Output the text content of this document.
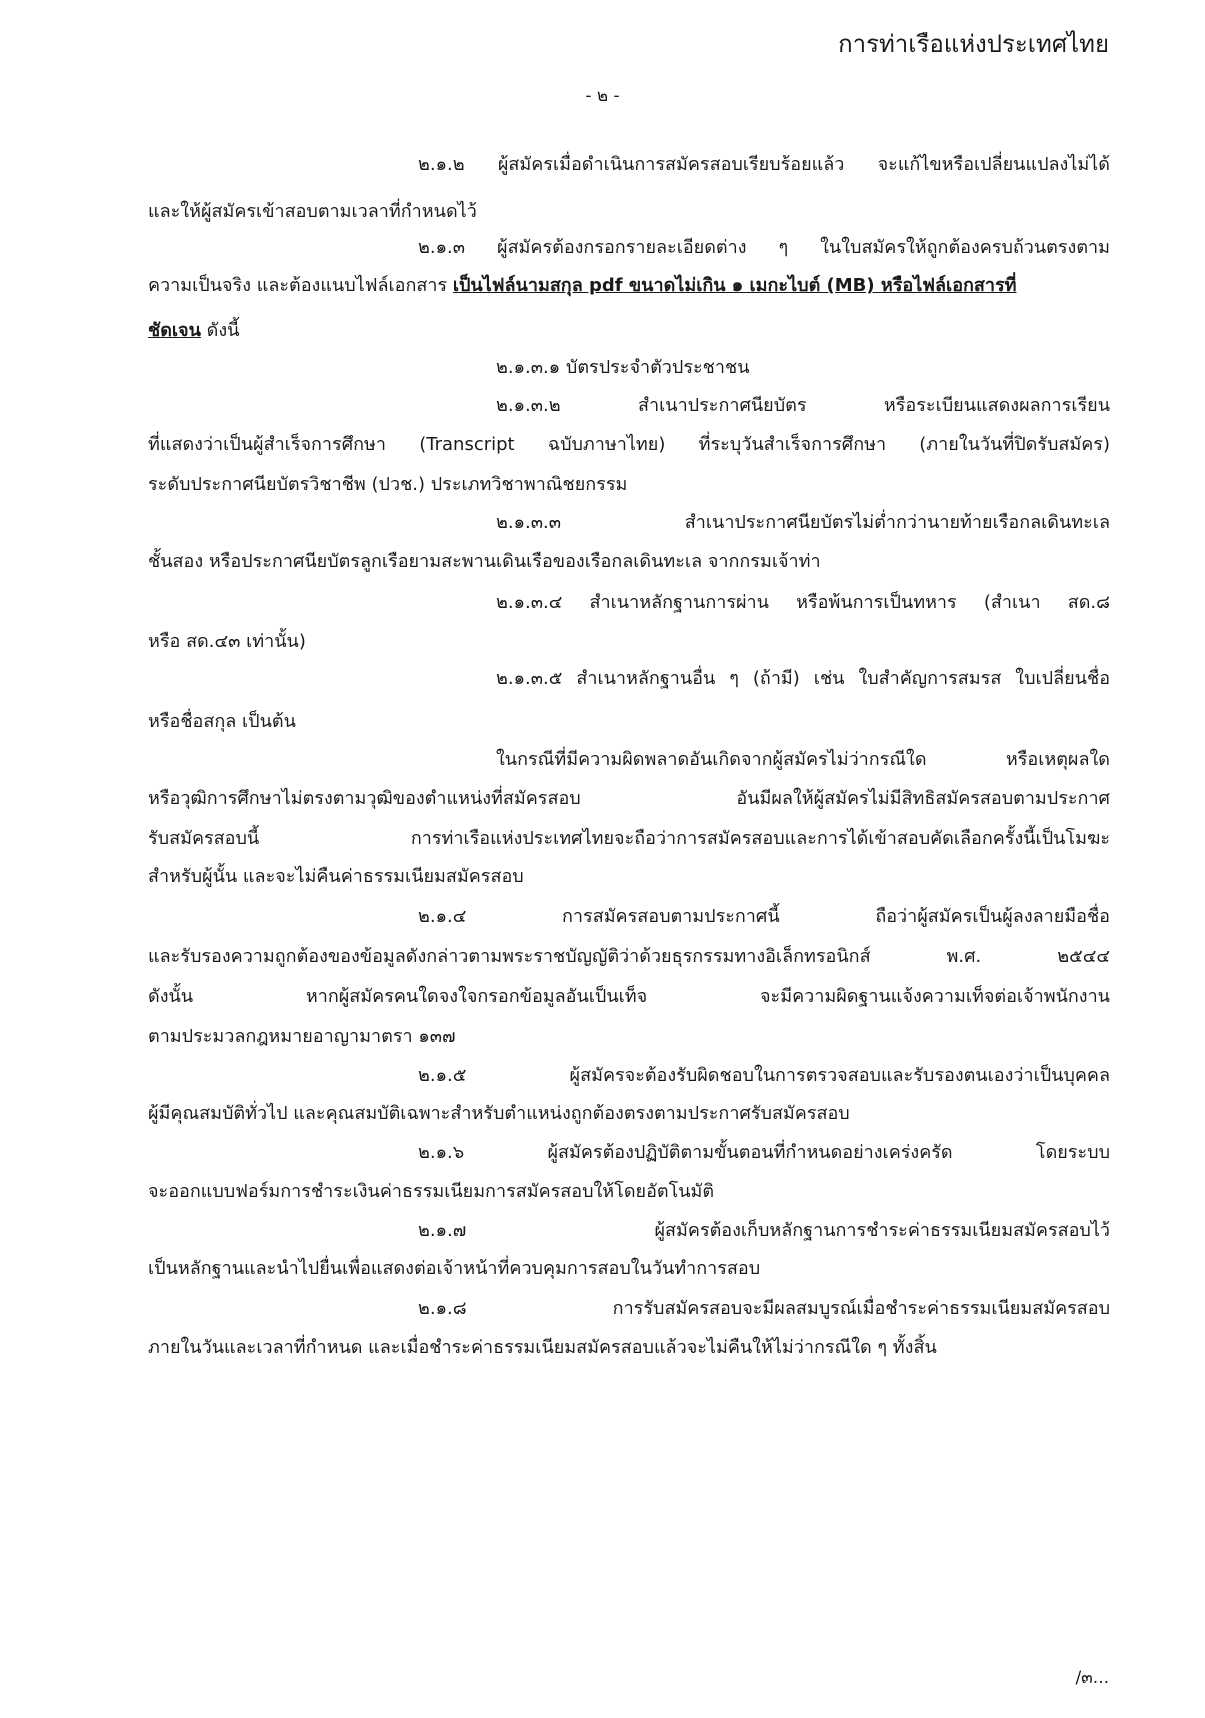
การท่าเรือแห่งประเทศไทย
- ๒ -
๒.๑.๒ ผู้สมัครเมื่อดำเนินการสมัครสอบเรียบร้อยแล้ว จะแก้ไขหรือเปลี่ยนแปลงไม่ได้
และให้ผู้สมัครเข้าสอบตามเวลาที่กำหนดไว้
๒.๑.๓ ผู้สมัครต้องกรอกรายละเอียดต่าง ๆ ในใบสมัครให้ถูกต้องครบถ้วนตรงตาม
ความเป็นจริง และต้องแนบไฟล์เอกสาร เป็นไฟล์นามสกุล pdf ขนาดไม่เกิน ๑ เมกะไบต์ (MB) หรือไฟล์เอกสารที่
ชัดเจน ดังนี้
๒.๑.๓.๑ บัตรประจำตัวประชาชน
๒.๑.๓.๒ สำเนาประกาศนียบัตร หรือระเบียนแสดงผลการเรียน
ที่แสดงว่าเป็นผู้สำเร็จการศึกษา (Transcript ฉบับภาษาไทย) ที่ระบุวันสำเร็จการศึกษา (ภายในวันที่ปิดรับสมัคร)
ระดับประกาศนียบัตรวิชาชีพ (ปวช.) ประเภทวิชาพาณิชยกรรม
๒.๑.๓.๓ สำเนาประกาศนียบัตรไม่ต่ำกว่านายท้ายเรือกลเดินทะเล
ชั้นสอง หรือประกาศนียบัตรลูกเรือยามสะพานเดินเรือของเรือกลเดินทะเล จากกรมเจ้าท่า
๒.๑.๓.๔ สำเนาหลักฐานการผ่าน หรือพ้นการเป็นทหาร (สำเนา สด.๘
หรือ สด.๔๓ เท่านั้น)
๒.๑.๓.๕ สำเนาหลักฐานอื่น ๆ (ถ้ามี) เช่น ใบสำคัญการสมรส ใบเปลี่ยนชื่อ
หรือชื่อสกุล เป็นต้น
ในกรณีที่มีความผิดพลาดอันเกิดจากผู้สมัครไม่ว่ากรณีใด หรือเหตุผลใด
หรือวุฒิการศึกษาไม่ตรงตามวุฒิของตำแหน่งที่สมัครสอบ อันมีผลให้ผู้สมัครไม่มีสิทธิสมัครสอบตามประกาศ
รับสมัครสอบนี้ การท่าเรือแห่งประเทศไทยจะถือว่าการสมัครสอบและการได้เข้าสอบคัดเลือกครั้งนี้เป็นโมฆะ
สำหรับผู้นั้น และจะไม่คืนค่าธรรมเนียมสมัครสอบ
๒.๑.๔ การสมัครสอบตามประกาศนี้ ถือว่าผู้สมัครเป็นผู้ลงลายมือชื่อ
และรับรองความถูกต้องของข้อมูลดังกล่าวตามพระราชบัญญัติว่าด้วยธุรกรรมทางอิเล็กทรอนิกส์ พ.ศ. ๒๕๔๔
ดังนั้น หากผู้สมัครคนใดจงใจกรอกข้อมูลอันเป็นเท็จ จะมีความผิดฐานแจ้งความเท็จต่อเจ้าพนักงาน
ตามประมวลกฎหมายอาญามาตรา ๑๓๗
๒.๑.๕ ผู้สมัครจะต้องรับผิดชอบในการตรวจสอบและรับรองตนเองว่าเป็นบุคคล
ผู้มีคุณสมบัติทั่วไป และคุณสมบัติเฉพาะสำหรับตำแหน่งถูกต้องตรงตามประกาศรับสมัครสอบ
๒.๑.๖ ผู้สมัครต้องปฏิบัติตามขั้นตอนที่กำหนดอย่างเคร่งครัด โดยระบบ
จะออกแบบฟอร์มการชำระเงินค่าธรรมเนียมการสมัครสอบให้โดยอัตโนมัติ
๒.๑.๗ ผู้สมัครต้องเก็บหลักฐานการชำระค่าธรรมเนียมสมัครสอบไว้
เป็นหลักฐานและนำไปยื่นเพื่อแสดงต่อเจ้าหน้าที่ควบคุมการสอบในวันทำการสอบ
๒.๑.๘ การรับสมัครสอบจะมีผลสมบูรณ์เมื่อชำระค่าธรรมเนียมสมัครสอบ
ภายในวันและเวลาที่กำหนด และเมื่อชำระค่าธรรมเนียมสมัครสอบแล้วจะไม่คืนให้ไม่ว่ากรณีใด ๆ ทั้งสิ้น
/๓...
